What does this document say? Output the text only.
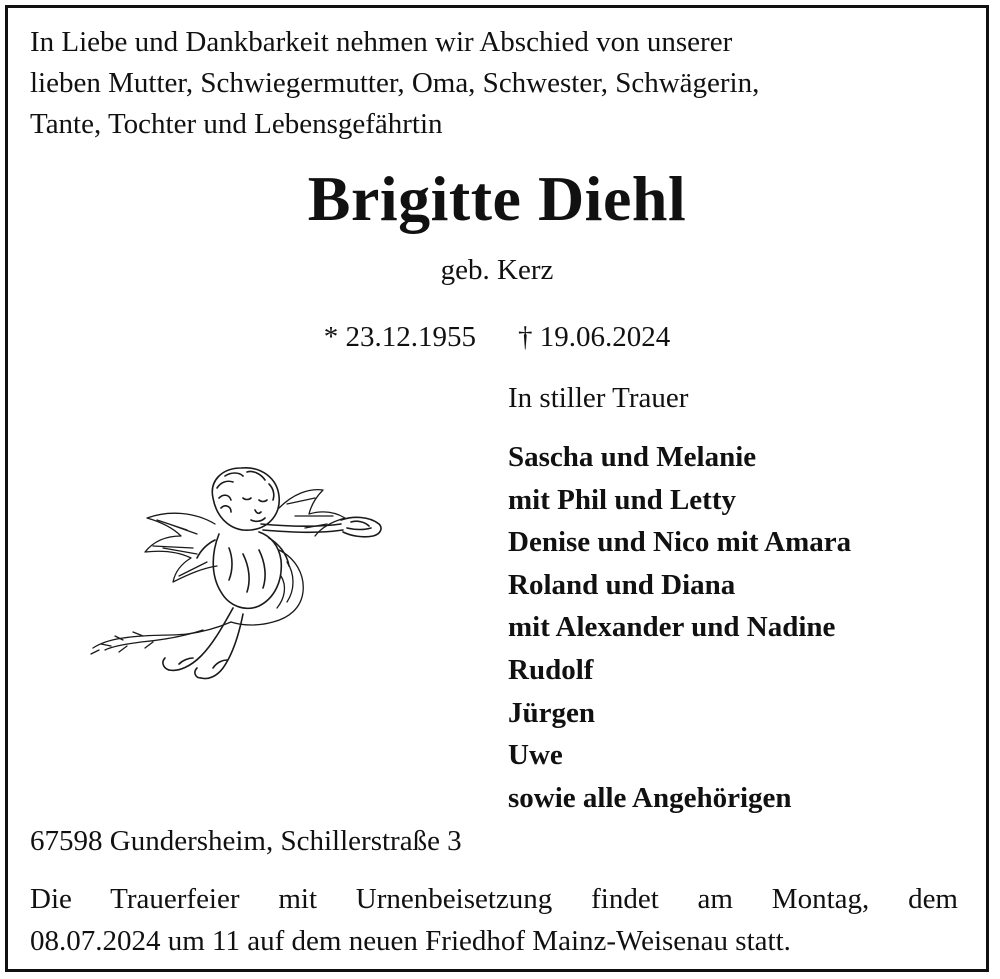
In Liebe und Dankbarkeit nehmen wir Abschied von unserer
lieben Mutter, Schwiegermutter, Oma, Schwester, Schwägerin,
Tante, Tochter und Lebensgefährtin
Brigitte Diehl
geb. Kerz
* 23.12.1955 † 19.06.2024
In stiller Trauer
Sascha und Melanie
mit Phil und Letty
Denise und Nico mit Amara
Roland und Diana
mit Alexander und Nadine
Rudolf
Jürgen
Uwe
sowie alle Angehörigen
67598 Gundersheim, Schillerstraße 3
Die Trauerfeier mit Urnenbeisetzung findet am Montag, dem
08.07.2024 um 11 auf dem neuen Friedhof Mainz-Weisenau statt.
